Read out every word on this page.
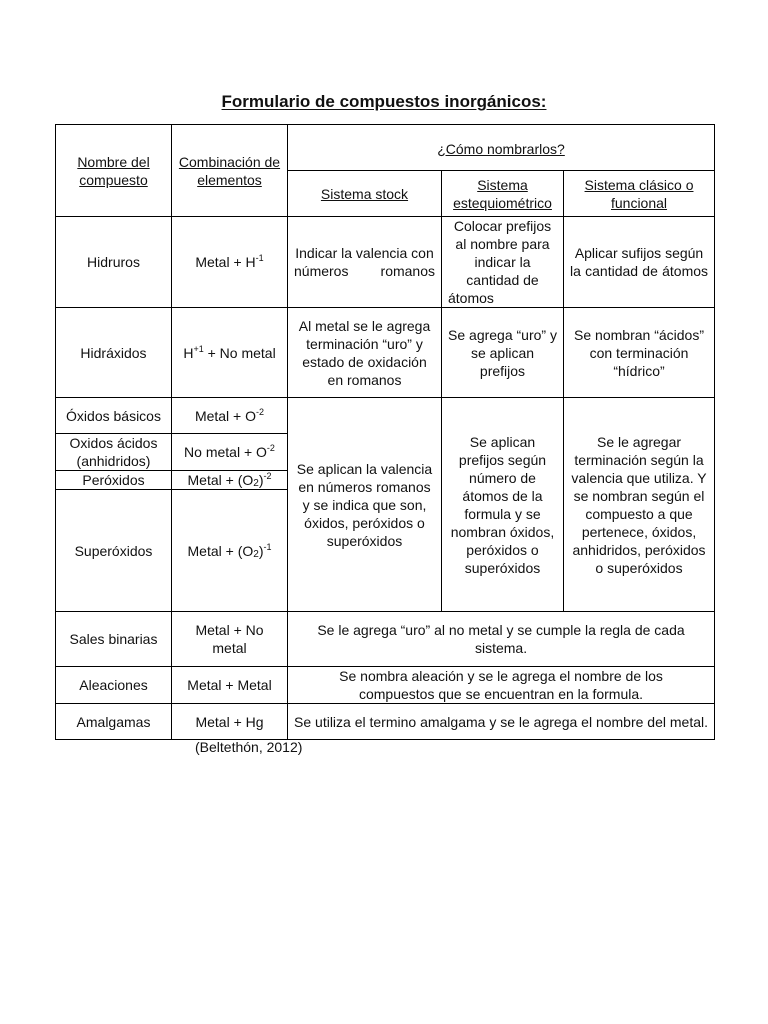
Formulario de compuestos inorgánicos:
Nombre del compuesto	Combinación de elementos	¿Cómo nombrarlos?		
		Sistema stock	Sistema estequiométrico	Sistema clásico o funcional
Hidruros	Metal + $H^{-1}$	Indicar la valencia con números romanos	Colocar prefijos al nombre para indicar la cantidad de átomos	Aplicar sufijos según la cantidad de átomos
Hidráxidos	$H^{+1} + No$ metal	Al metal se le agrega terminación “uro” y estado de oxidación en romanos	Se agrega “uro” y se aplican prefijos	Se nombran “ácidos” con terminación “hídrico”
Óxidos básicos	Metal + $O^{-2}$	Se aplican la valencia en números romanos y se indica que son, óxidos, peróxidos o superóxidos	Se aplican prefijos según número de átomos de la formula y se nombran óxidos, peróxidos o superóxidos	Se le agregar terminación según la valencia que utiliza. Y se nombran según el compuesto a que pertenece, óxidos, anhidridos, peróxidos o superóxidos
Oxidos ácidos (anhidridos)	No metal + $O^{-2}$
Peróxidos	Metal + $(O_2)^{-2}$
Superóxidos	Metal + $(O_2)^{-1}$
Sales binarias	Metal + No metal	Se le agrega “uro” al no metal y se cumple la regla de cada sistema.		
Aleaciones	Metal + Metal	Se nombra aleación y se le agrega el nombre de los compuestos que se encuentran en la formula.		
Amalgamas	Metal + Hg	Se utiliza el termino amalgama y se le agrega el nombre del metal.		
(Beltethón, 2012)
